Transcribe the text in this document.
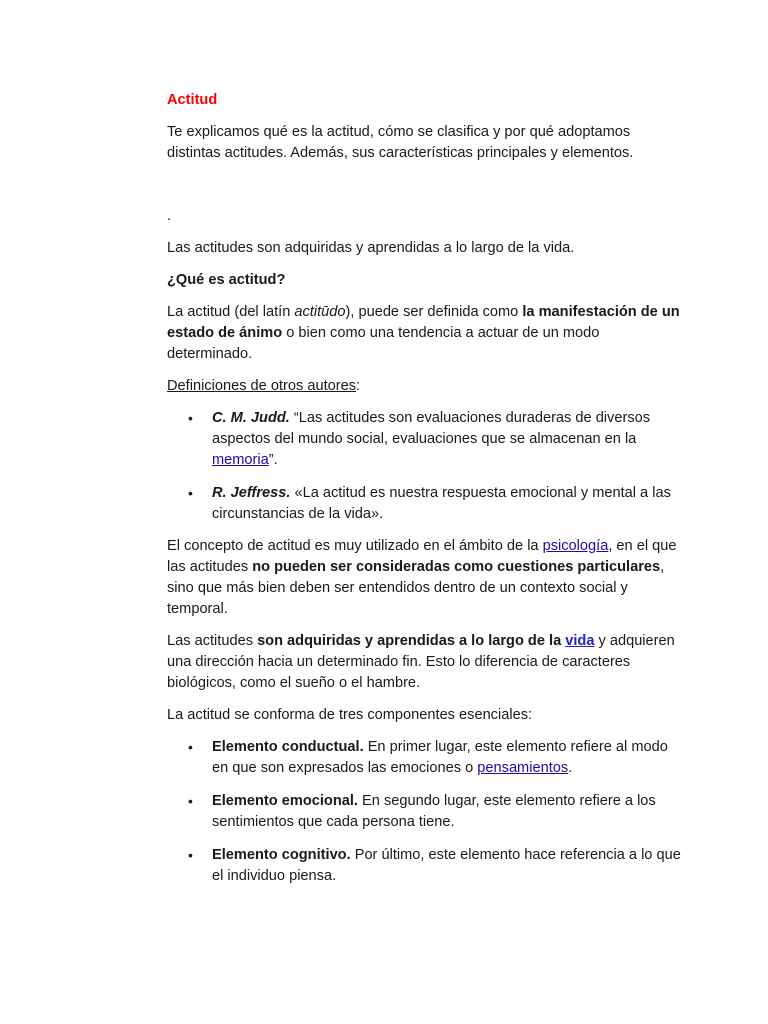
Actitud

Te explicamos qué es la actitud, cómo se clasifica y por qué adoptamos distintas actitudes. Además, sus características principales y elementos.

.

Las actitudes son adquiridas y aprendidas a lo largo de la vida.

¿Qué es actitud?

La actitud (del latín actitūdo), puede ser definida como la manifestación de un estado de ánimo o bien como una tendencia a actuar de un modo determinado.

Definiciones de otros autores:

• C. M. Judd. “Las actitudes son evaluaciones duraderas de diversos aspectos del mundo social, evaluaciones que se almacenan en la memoria”.
• R. Jeffress. «La actitud es nuestra respuesta emocional y mental a las circunstancias de la vida».

El concepto de actitud es muy utilizado en el ámbito de la psicología, en el que las actitudes no pueden ser consideradas como cuestiones particulares, sino que más bien deben ser entendidos dentro de un contexto social y temporal.

Las actitudes son adquiridas y aprendidas a lo largo de la vida y adquieren una dirección hacia un determinado fin. Esto lo diferencia de caracteres biológicos, como el sueño o el hambre.

La actitud se conforma de tres componentes esenciales:

• Elemento conductual. En primer lugar, este elemento refiere al modo en que son expresados las emociones o pensamientos.
• Elemento emocional. En segundo lugar, este elemento refiere a los sentimientos que cada persona tiene.
• Elemento cognitivo. Por último, este elemento hace referencia a lo que el individuo piensa.
